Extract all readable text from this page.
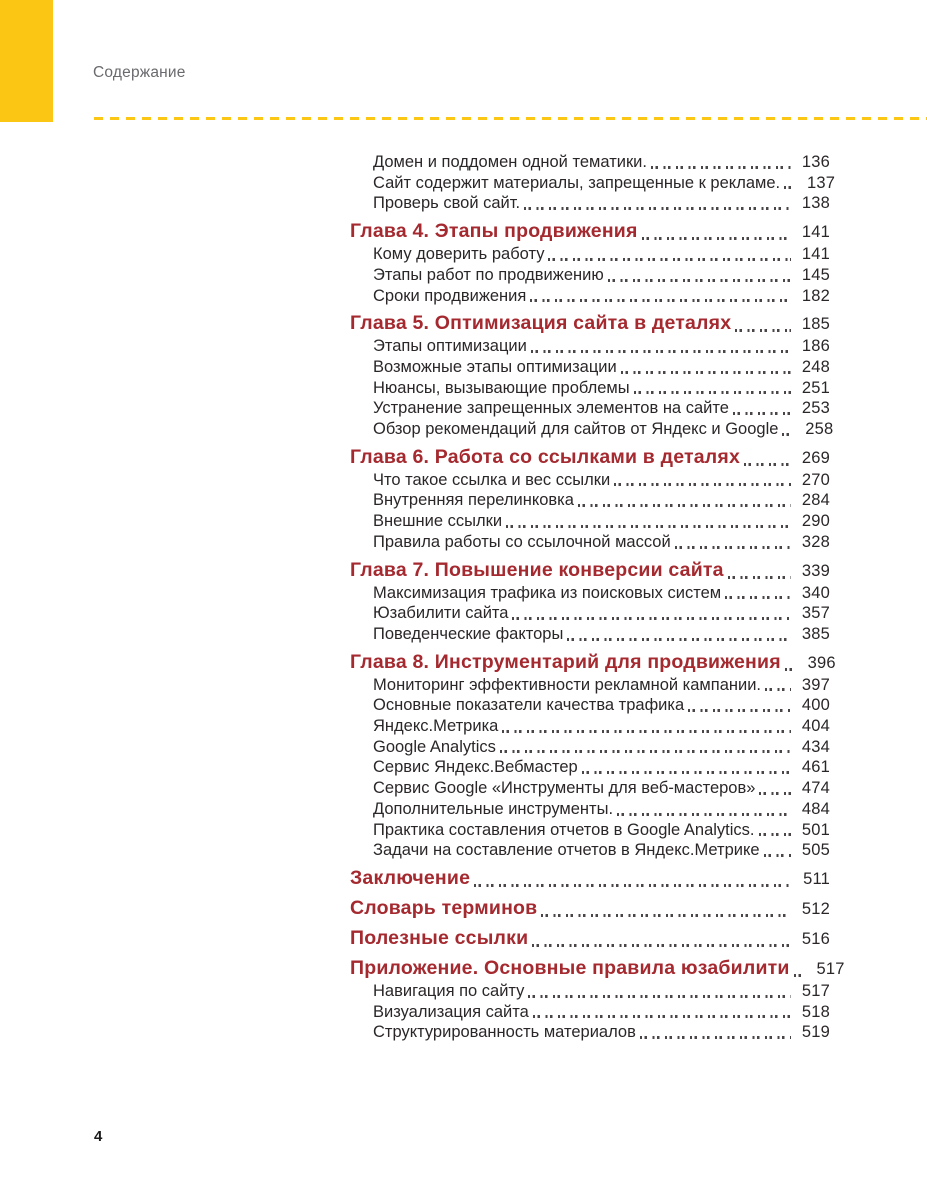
Содержание
Домен и поддомен одной тематики.	136
Сайт содержит материалы, запрещенные к рекламе.	137
Проверь свой сайт.	138
Глава 4. Этапы продвижения	141
Кому доверить работу	141
Этапы работ по продвижению	145
Сроки продвижения	182
Глава 5. Оптимизация сайта в деталях	185
Этапы оптимизации	186
Возможные этапы оптимизации	248
Нюансы, вызывающие проблемы	251
Устранение запрещенных элементов на сайте	253
Обзор рекомендаций для сайтов от Яндекс и Google	258
Глава 6. Работа со ссылками в деталях	269
Что такое ссылка и вес ссылки	270
Внутренняя перелинковка	284
Внешние ссылки	290
Правила работы со ссылочной массой	328
Глава 7. Повышение конверсии сайта	339
Максимизация трафика из поисковых систем	340
Юзабилити сайта	357
Поведенческие факторы	385
Глава 8. Инструментарий для продвижения	396
Мониторинг эффективности рекламной кампании.	397
Основные показатели качества трафика	400
Яндекс.Метрика	404
Google Analytics	434
Сервис Яндекс.Вебмастер	461
Сервис Google «Инструменты для веб-мастеров»	474
Дополнительные инструменты.	484
Практика составления отчетов в Google Analytics.	501
Задачи на составление отчетов в Яндекс.Метрике	505
Заключение	511
Словарь терминов	512
Полезные ссылки	516
Приложение. Основные правила юзабилити	517
Навигация по сайту	517
Визуализация сайта	518
Структурированность материалов	519
4
